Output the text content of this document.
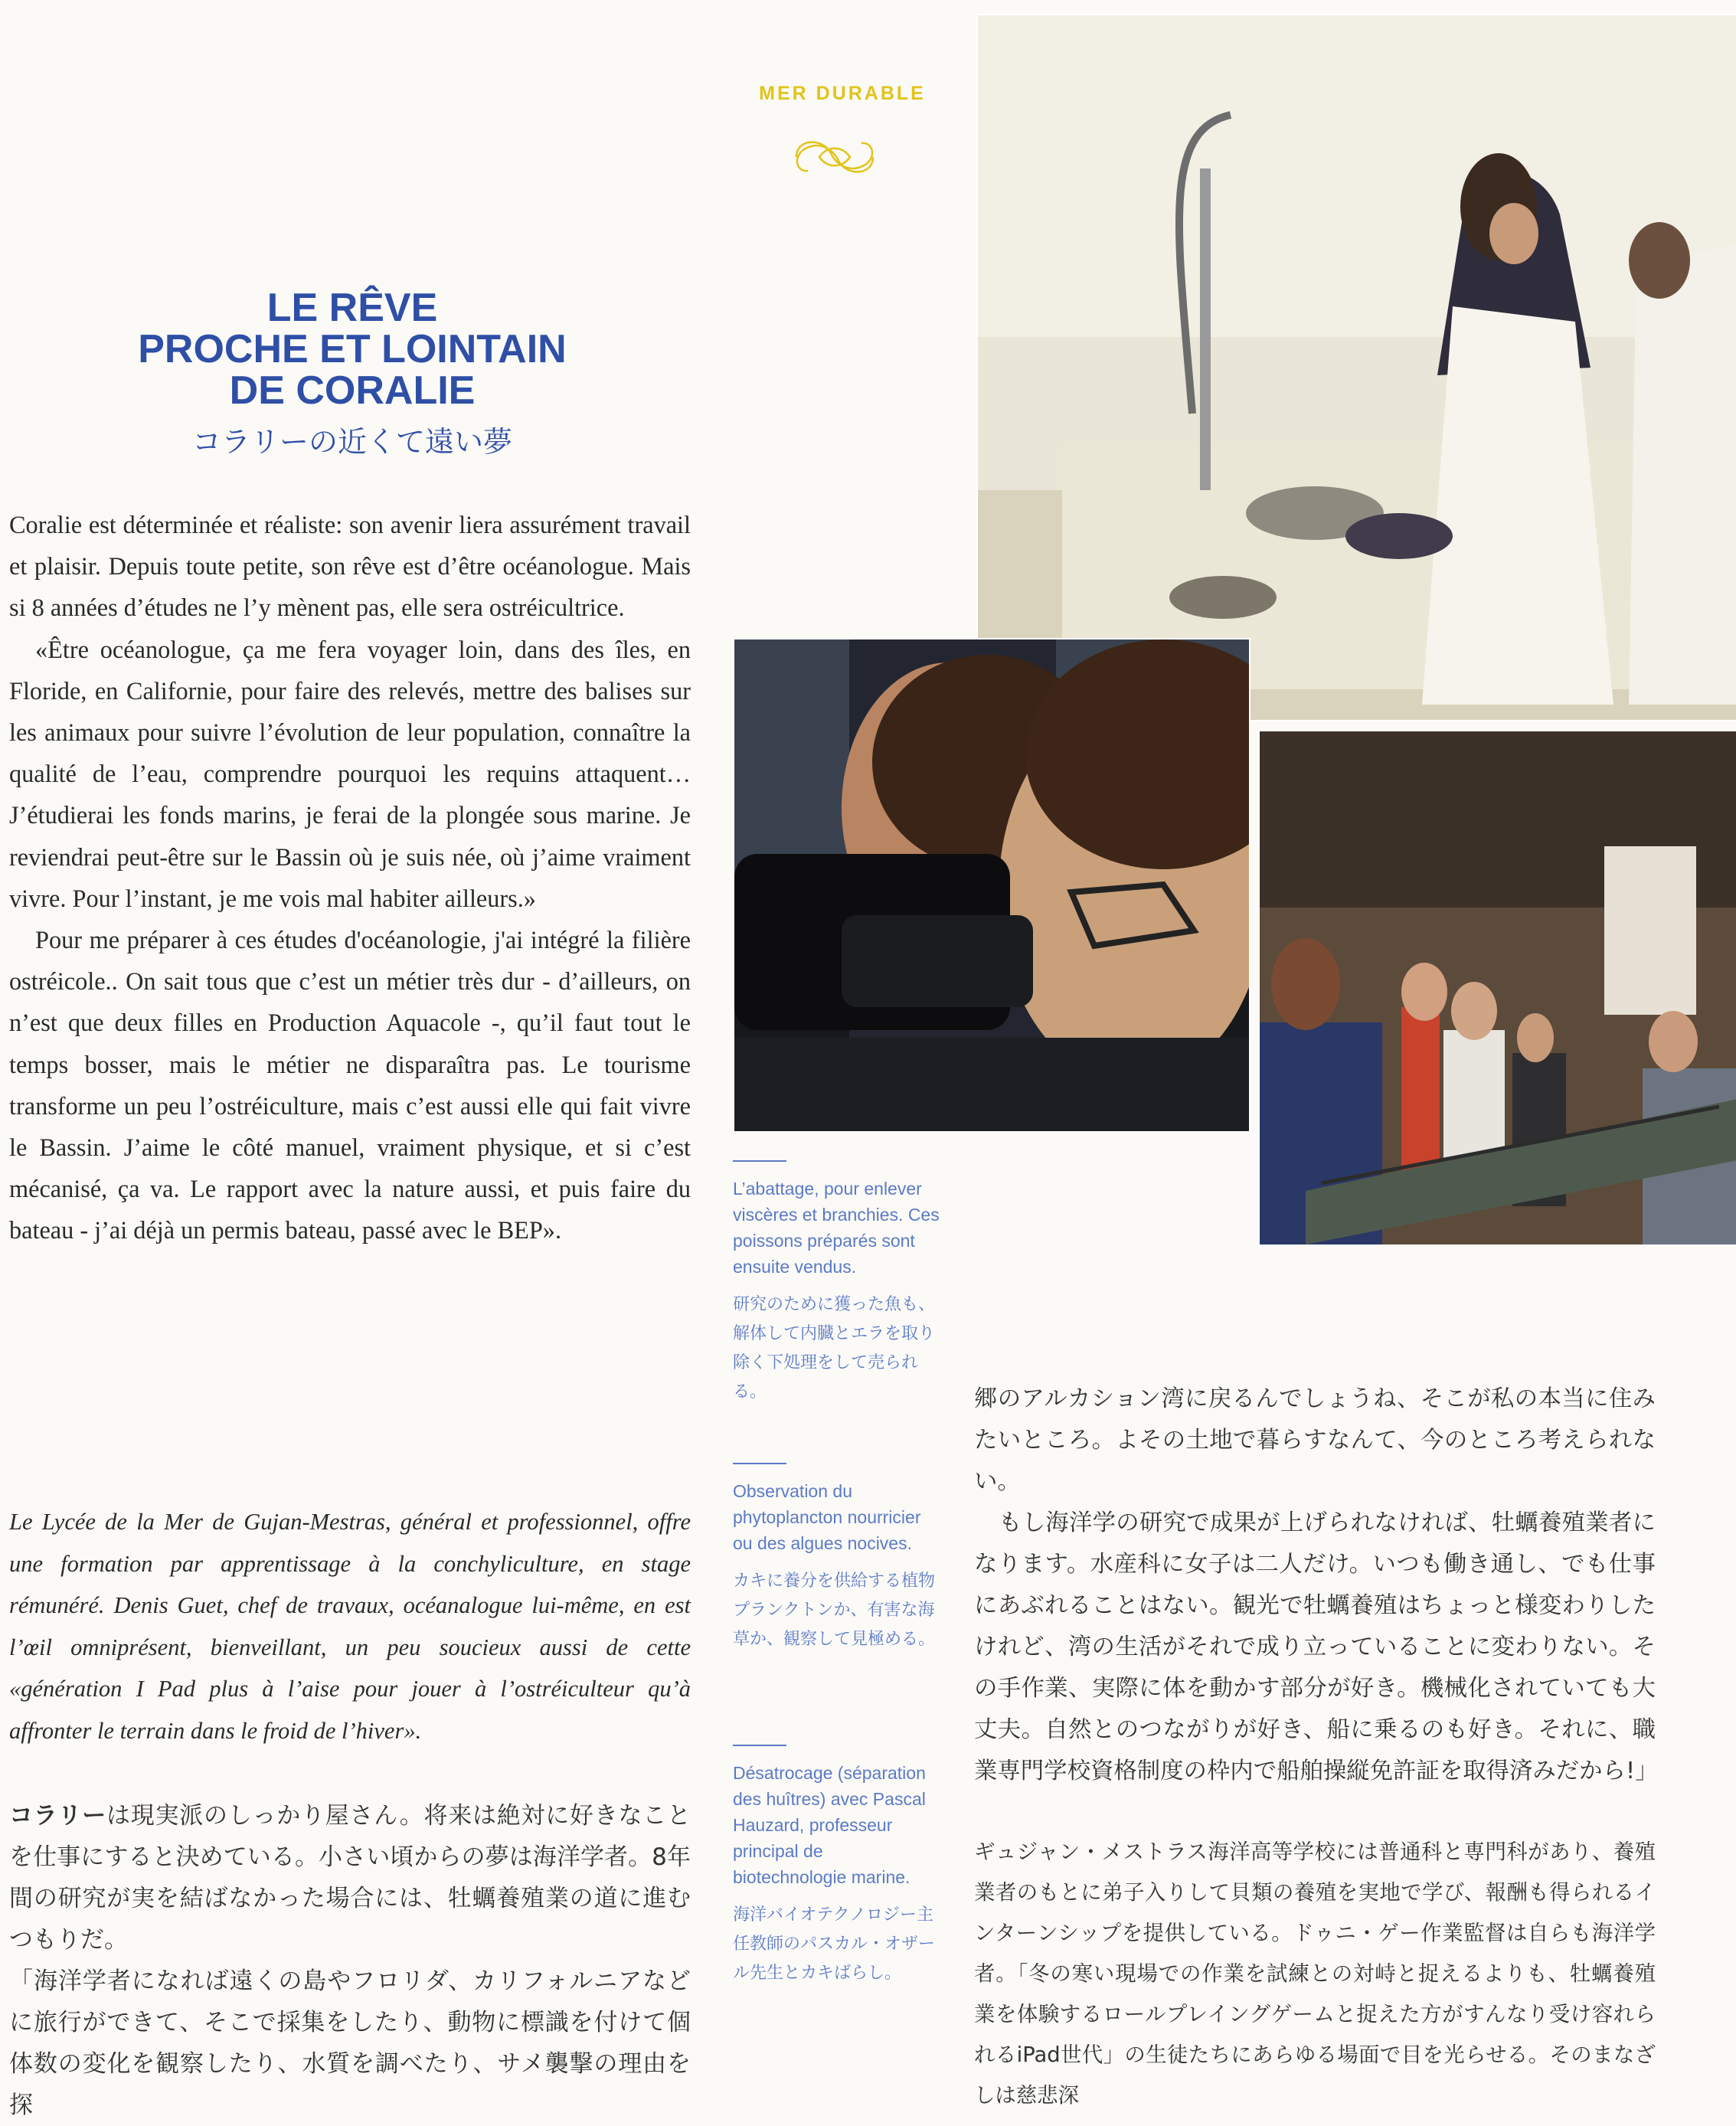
MER DURABLE
LE RÊVE
PROCHE ET LOINTAIN
DE CORALIE
コラリーの近くて遠い夢

Coralie est déterminée et réaliste: son avenir liera assurément travail et plaisir. Depuis toute petite, son rêve est d’être océanologue. Mais si 8 années d’études ne l’y mènent pas, elle sera ostréicultrice.

«Être océanologue, ça me fera voyager loin, dans des îles, en Floride, en Californie, pour faire des relevés, mettre des balises sur les animaux pour suivre l’évolution de leur population, connaître la qualité de l’eau, comprendre pourquoi les requins attaquent… J’étudierai les fonds marins, je ferai de la plongée sous marine. Je reviendrai peut-être sur le Bassin où je suis née, où j’aime vraiment vivre. Pour l’instant, je me vois mal habiter ailleurs.»

Pour me préparer à ces études d'océanologie, j'ai intégré la filière ostréicole.. On sait tous que c’est un métier très dur - d’ailleurs, on n’est que deux filles en Production Aquacole -, qu’il faut tout le temps bosser, mais le métier ne disparaîtra pas. Le tourisme transforme un peu l’ostréiculture, mais c’est aussi elle qui fait vivre le Bassin. J’aime le côté manuel, vraiment physique, et si c’est mécanisé, ça va. Le rapport avec la nature aussi, et puis faire du bateau - j’ai déjà un permis bateau, passé avec le BEP».

Le Lycée de la Mer de Gujan-Mestras, général et professionnel, offre une formation par apprentissage à la conchyliculture, en stage rémunéré. Denis Guet, chef de travaux, océanalogue lui-même, en est l’œil omniprésent, bienveillant, un peu soucieux aussi de cette «génération I Pad plus à l’aise pour jouer à l’ostréiculteur qu’à affronter le terrain dans le froid de l’hiver».

コラリーは現実派のしっかり屋さん。将来は絶対に好きなことを仕事にすると決めている。小さい頃からの夢は海洋学者。8年間の研究が実を結ばなかった場合には、牡蠣養殖業の道に進むつもりだ。

「海洋学者になれば遠くの島やフロリダ、カリフォルニアなどに旅行ができて、そこで採集をしたり、動物に標識を付けて個体数の変化を観察したり、水質を調べたり、サメ襲撃の理由を探

郷のアルカション湾に戻るんでしょうね、そこが私の本当に住みたいところ。よその土地で暮らすなんて、今のところ考えられない。

もし海洋学の研究で成果が上げられなければ、牡蠣養殖業者になります。水産科に女子は二人だけ。いつも働き通し、でも仕事にあぶれることはない。観光で牡蠣養殖はちょっと様変わりしたけれど、湾の生活がそれで成り立っていることに変わりない。その手作業、実際に体を動かす部分が好き。機械化されていても大丈夫。自然とのつながりが好き、船に乗るのも好き。それに、職業専門学校資格制度の枠内で船舶操縦免許証を取得済みだから!」

ギュジャン・メストラス海洋高等学校には普通科と専門科があり、養殖業者のもとに弟子入りして貝類の養殖を実地で学び、報酬も得られるインターンシップを提供している。ドゥニ・ゲー作業監督は自らも海洋学者。「冬の寒い現場での作業を試練との対峙と捉えるよりも、牡蠣養殖業を体験するロールプレイングゲームと捉えた方がすんなり受け容れられるiPad世代」の生徒たちにあらゆる場面で目を光らせる。そのまなざしは慈悲深
L’abattage, pour enlever viscères et branchies. Ces poissons préparés sont ensuite vendus.
研究のために獲った魚も、解体して内臓とエラを取り除く下処理をして売られる。
Observation du phytoplancton nourricier ou des algues nocives.
カキに養分を供給する植物プランクトンか、有害な海草か、観察して見極める。
Désatrocage (séparation des huîtres) avec Pascal Hauzard, professeur principal de biotechnologie marine.
海洋バイオテクノロジー主任教師のパスカル・オザール先生とカキばらし。
